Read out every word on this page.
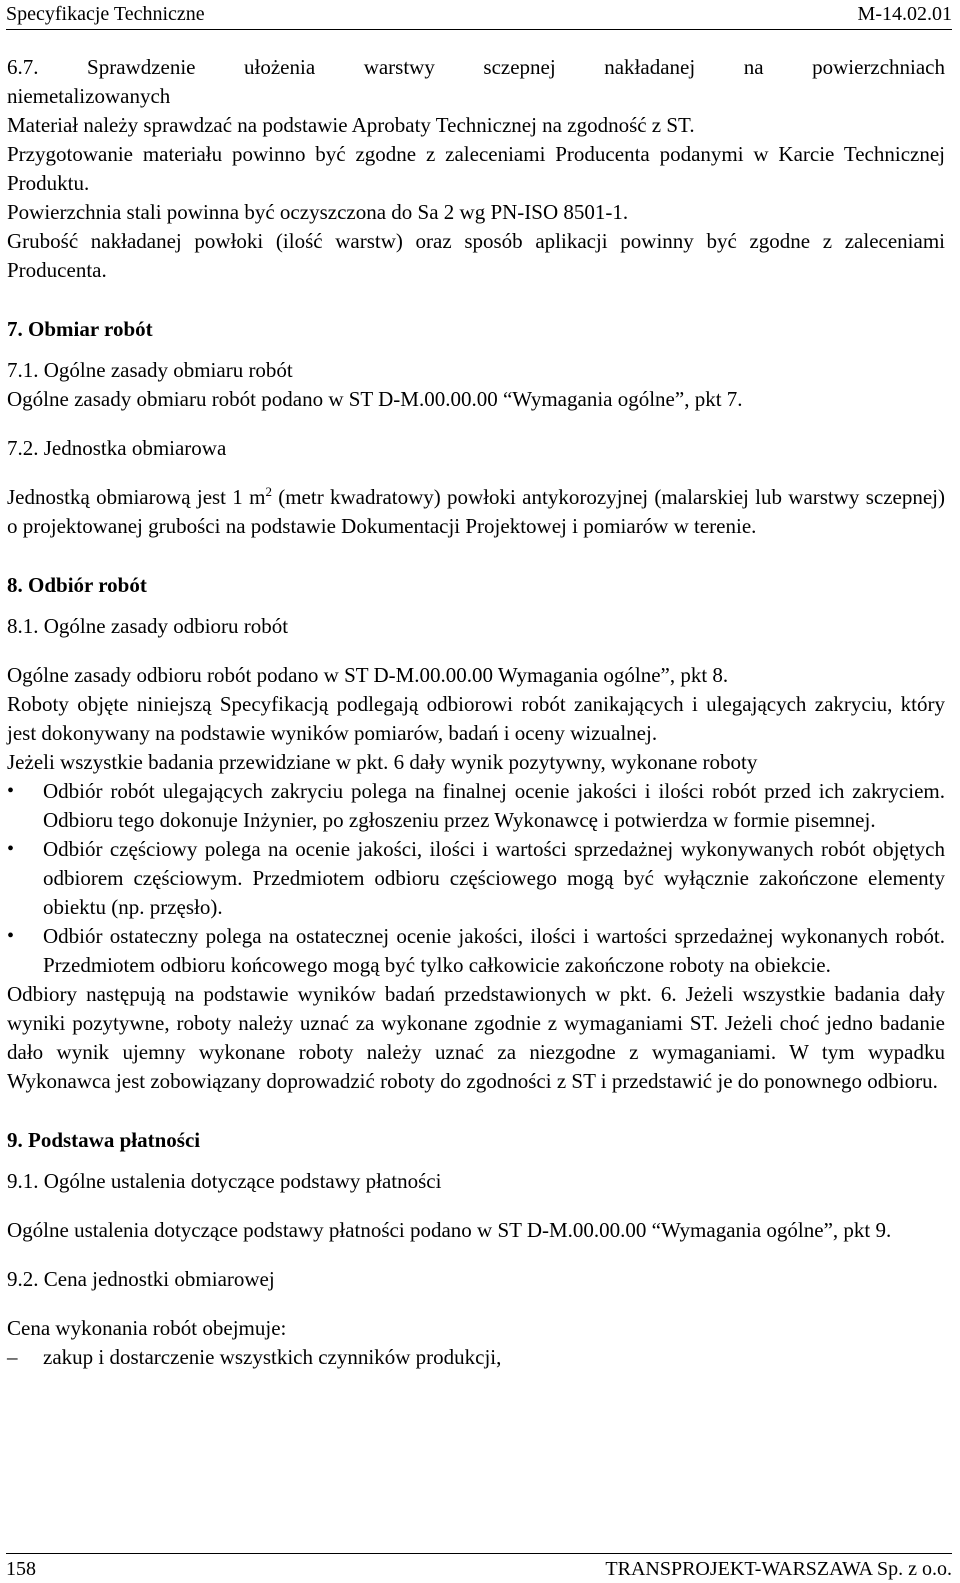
Specyfikacje Techniczne	M-14.02.01

6.7. Sprawdzenie ułożenia warstwy sczepnej nakładanej na powierzchniach

niemetalizowanych

Materiał należy sprawdzać na podstawie Aprobaty Technicznej na zgodność z ST.

Przygotowanie materiału powinno być zgodne z zaleceniami Producenta podanymi w Karcie Technicznej Produktu.

Powierzchnia stali powinna być oczyszczona do Sa 2 wg PN-ISO 8501-1.

Grubość nakładanej powłoki (ilość warstw) oraz sposób aplikacji powinny być zgodne z zaleceniami Producenta.

7. Obmiar robót

7.1. Ogólne zasady obmiaru robót

Ogólne zasady obmiaru robót podano w ST D-M.00.00.00 “Wymagania ogólne”, pkt 7.

7.2. Jednostka obmiarowa

Jednostką obmiarową jest 1 $m^2$ (metr kwadratowy) powłoki antykorozyjnej (malarskiej lub warstwy sczepnej) o projektowanej grubości na podstawie Dokumentacji Projektowej i pomiarów w terenie.

8. Odbiór robót

8.1. Ogólne zasady odbioru robót

Ogólne zasady odbioru robót podano w ST D-M.00.00.00 Wymagania ogólne”, pkt 8.

Roboty objęte niniejszą Specyfikacją podlegają odbiorowi robót zanikających i ulegających zakryciu, który jest dokonywany na podstawie wyników pomiarów, badań i oceny wizualnej.

Jeżeli wszystkie badania przewidziane w pkt. 6 dały wynik pozytywny, wykonane roboty

• Odbiór robót ulegających zakryciu polega na finalnej ocenie jakości i ilości robót przed ich zakryciem. Odbioru tego dokonuje Inżynier, po zgłoszeniu przez Wykonawcę i potwierdza w formie pisemnej.

• Odbiór częściowy polega na ocenie jakości, ilości i wartości sprzedażnej wykonywanych robót objętych odbiorem częściowym. Przedmiotem odbioru częściowego mogą być wyłącznie zakończone elementy obiektu (np. przęsło).

• Odbiór ostateczny polega na ostatecznej ocenie jakości, ilości i wartości sprzedażnej wykonanych robót. Przedmiotem odbioru końcowego mogą być tylko całkowicie zakończone roboty na obiekcie.

Odbiory następują na podstawie wyników badań przedstawionych w pkt. 6. Jeżeli wszystkie badania dały wyniki pozytywne, roboty należy uznać za wykonane zgodnie z wymaganiami ST. Jeżeli choć jedno badanie dało wynik ujemny wykonane roboty należy uznać za niezgodne z wymaganiami. W tym wypadku Wykonawca jest zobowiązany doprowadzić roboty do zgodności z ST i przedstawić je do ponownego odbioru.

9. Podstawa płatności

9.1. Ogólne ustalenia dotyczące podstawy płatności

Ogólne ustalenia dotyczące podstawy płatności podano w ST D-M.00.00.00 “Wymagania ogólne”, pkt 9.

9.2. Cena jednostki obmiarowej

Cena wykonania robót obejmuje:

– zakup i dostarczenie wszystkich czynników produkcji,

158	TRANSPROJEKT-WARSZAWA Sp. z o.o.
